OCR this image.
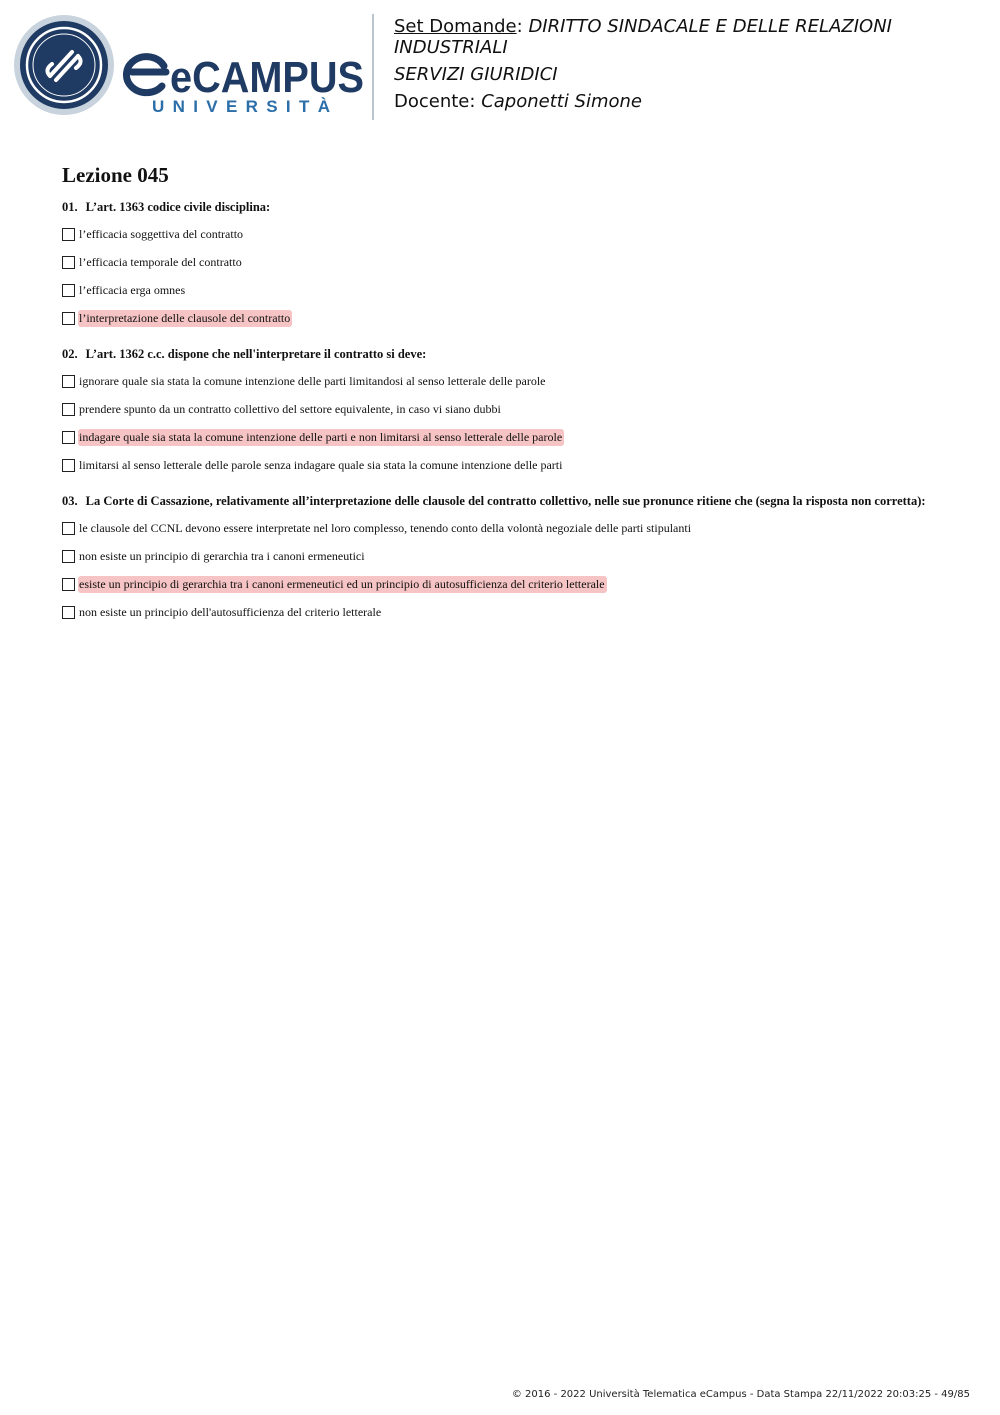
eCAMPUS
UNIVERSITÀ
Set Domande: DIRITTO SINDACALE E DELLE RELAZIONI INDUSTRIALI
SERVIZI GIURIDICI
Docente: Caponetti Simone
Lezione 045
01. L’art. 1363 codice civile disciplina:
l’efficacia soggettiva del contratto
l’efficacia temporale del contratto
l’efficacia erga omnes
l’interpretazione delle clausole del contratto
02. L’art. 1362 c.c. dispone che nell'interpretare il contratto si deve:
ignorare quale sia stata la comune intenzione delle parti limitandosi al senso letterale delle parole
prendere spunto da un contratto collettivo del settore equivalente, in caso vi siano dubbi
indagare quale sia stata la comune intenzione delle parti e non limitarsi al senso letterale delle parole
limitarsi al senso letterale delle parole senza indagare quale sia stata la comune intenzione delle parti
03. La Corte di Cassazione, relativamente all’interpretazione delle clausole del contratto collettivo, nelle sue pronunce ritiene che (segna la risposta non corretta):
le clausole del CCNL devono essere interpretate nel loro complesso, tenendo conto della volontà negoziale delle parti stipulanti
non esiste un principio di gerarchia tra i canoni ermeneutici
esiste un principio di gerarchia tra i canoni ermeneutici ed un principio di autosufficienza del criterio letterale
non esiste un principio dell'autosufficienza del criterio letterale
© 2016 - 2022 Università Telematica eCampus - Data Stampa 22/11/2022 20:03:25 - 49/85
